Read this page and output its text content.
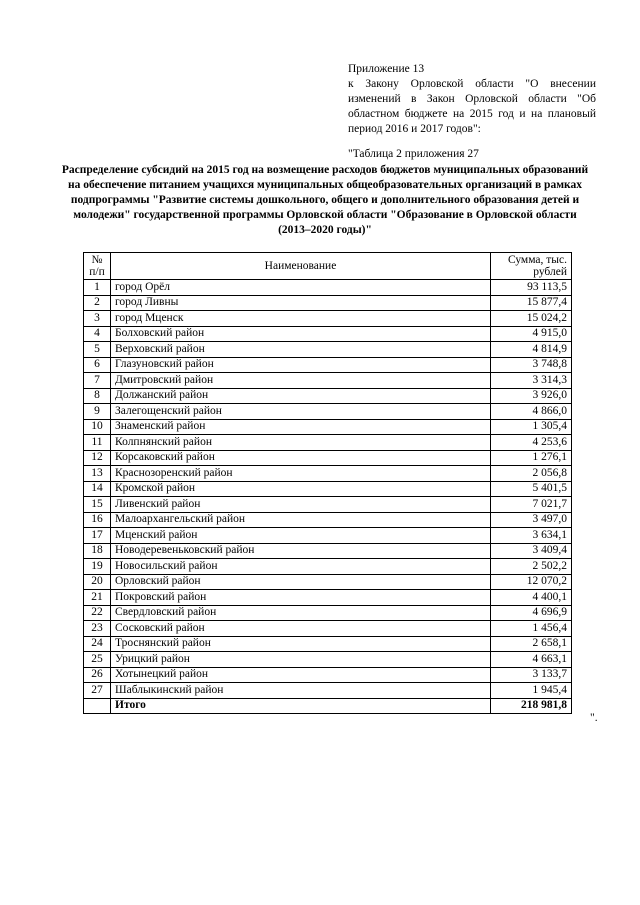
Приложение 13
к Закону Орловской области "О внесении изменений в Закон Орловской области "Об областном бюджете на 2015 год и на плановый период 2016 и 2017 годов":
"Таблица 2 приложения 27
Распределение субсидий на 2015 год на возмещение расходов бюджетов муниципальных образований на обеспечение питанием учащихся муниципальных общеобразовательных организаций в рамках подпрограммы "Развитие системы дошкольного, общего и дополнительного образования детей и молодежи" государственной программы Орловской области "Образование в Орловской области (2013–2020 годы)"
№ п/п	Наименование	Сумма, тыс. рублей
1	город Орёл	93 113,5
2	город Ливны	15 877,4
3	город Мценск	15 024,2
4	Болховский район	4 915,0
5	Верховский район	4 814,9
6	Глазуновский район	3 748,8
7	Дмитровский район	3 314,3
8	Должанский район	3 926,0
9	Залегощенский район	4 866,0
10	Знаменский район	1 305,4
11	Колпнянский район	4 253,6
12	Корсаковский район	1 276,1
13	Краснозоренский район	2 056,8
14	Кромской район	5 401,5
15	Ливенский район	7 021,7
16	Малоархангельский район	3 497,0
17	Мценский район	3 634,1
18	Новодеревеньковский район	3 409,4
19	Новосильский район	2 502,2
20	Орловский район	12 070,2
21	Покровский район	4 400,1
22	Свердловский район	4 696,9
23	Сосковский район	1 456,4
24	Троснянский район	2 658,1
25	Урицкий район	4 663,1
26	Хотынецкий район	3 133,7
27	Шаблыкинский район	1 945,4
	Итого	218 981,8
".
